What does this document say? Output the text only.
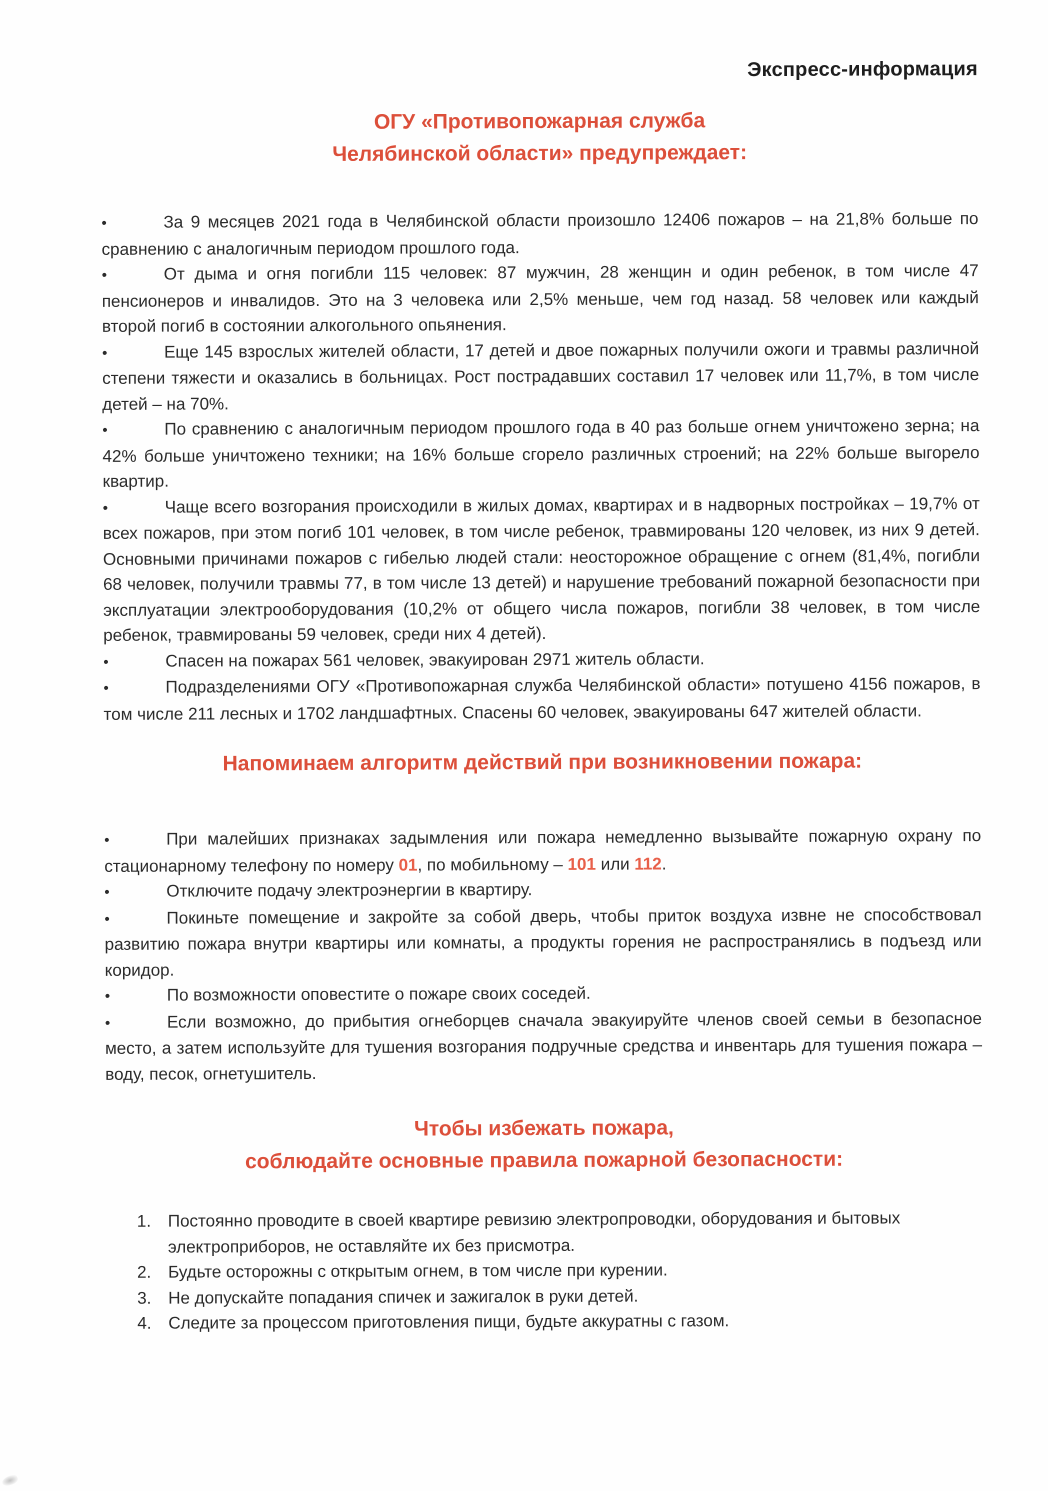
Экспресс-информация
ОГУ «Противопожарная служба
Челябинской области» предупреждает:

•	За 9 месяцев 2021 года в Челябинской области произошло 12406 пожаров – на 21,8% больше по сравнению с аналогичным периодом прошлого года.

•	От дыма и огня погибли 115 человек: 87 мужчин, 28 женщин и один ребенок, в том числе 47 пенсионеров и инвалидов. Это на 3 человека или 2,5% меньше, чем год назад. 58 человек или каждый второй погиб в состоянии алкогольного опьянения.

•	Еще 145 взрослых жителей области, 17 детей и двое пожарных получили ожоги и травмы различной степени тяжести и оказались в больницах. Рост пострадавших составил 17 человек или 11,7%, в том числе детей – на 70%.

•	По сравнению с аналогичным периодом прошлого года в 40 раз больше огнем уничтожено зерна; на 42% больше уничтожено техники; на 16% больше сгорело различных строений; на 22% больше выгорело квартир.

•	Чаще всего возгорания происходили в жилых домах, квартирах и в надворных постройках – 19,7% от всех пожаров, при этом погиб 101 человек, в том числе ребенок, травмированы 120 человек, из них 9 детей. Основными причинами пожаров с гибелью людей стали: неосторожное обращение с огнем (81,4%, погибли 68 человек, получили травмы 77, в том числе 13 детей) и нарушение требований пожарной безопасности при эксплуатации электрооборудования (10,2% от общего числа пожаров, погибли 38 человек, в том числе ребенок, травмированы 59 человек, среди них 4 детей).

•	Спасен на пожарах 561 человек, эвакуирован 2971 житель области.

•	Подразделениями ОГУ «Противопожарная служба Челябинской области» потушено 4156 пожаров, в том числе 211 лесных и 1702 ландшафтных. Спасены 60 человек, эвакуированы 647 жителей области.

Напоминаем алгоритм действий при возникновении пожара:

•	При малейших признаках задымления или пожара немедленно вызывайте пожарную охрану по стационарному телефону по номеру 01, по мобильному – 101 или 112.

•	Отключите подачу электроэнергии в квартиру.

•	Покиньте помещение и закройте за собой дверь, чтобы приток воздуха извне не способствовал развитию пожара внутри квартиры или комнаты, а продукты горения не распространялись в подъезд или коридор.

•	По возможности оповестите о пожаре своих соседей.

•	Если возможно, до прибытия огнеборцев сначала эвакуируйте членов своей семьи в безопасное место, а затем используйте для тушения возгорания подручные средства и инвентарь для тушения пожара – воду, песок, огнетушитель.

Чтобы избежать пожара,
соблюдайте основные правила пожарной безопасности:

1. Постоянно проводите в своей квартире ревизию электропроводки, оборудования и бытовых электроприборов, не оставляйте их без присмотра.

2. Будьте осторожны с открытым огнем, в том числе при курении.

3. Не допускайте попадания спичек и зажигалок в руки детей.

4. Следите за процессом приготовления пищи, будьте аккуратны с газом.
